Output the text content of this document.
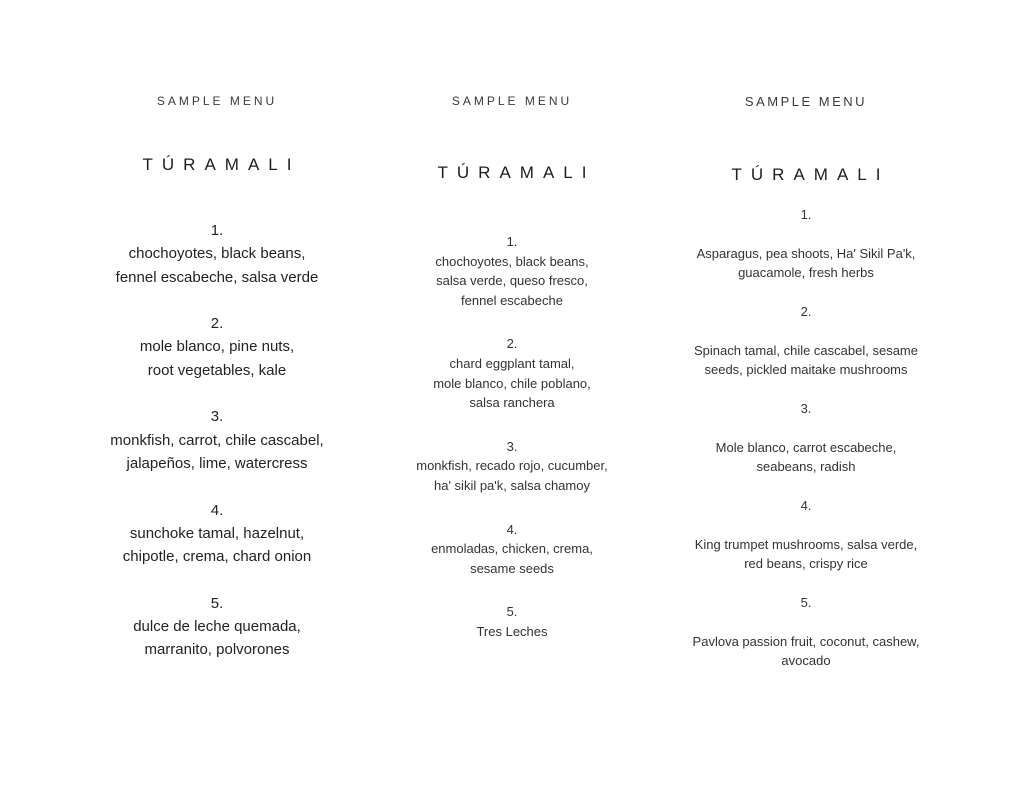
SAMPLE MENU
TÚRAMALI
1.
chochoyotes, black beans,
fennel escabeche, salsa verde
2.
mole blanco, pine nuts,
root vegetables, kale
3.
monkfish, carrot, chile cascabel,
jalapeños, lime, watercress
4.
sunchoke tamal, hazelnut,
chipotle, crema, chard onion
5.
dulce de leche quemada,
marranito, polvorones
SAMPLE MENU
TÚRAMALI
1.
chochoyotes, black beans,
salsa verde, queso fresco,
fennel escabeche
2.
chard eggplant tamal,
mole blanco, chile poblano,
salsa ranchera
3.
monkfish, recado rojo, cucumber,
ha' sikil pa'k, salsa chamoy
4.
enmoladas, chicken, crema,
sesame seeds
5.
Tres Leches
SAMPLE MENU
TÚRAMALI
1.
Asparagus, pea shoots, Ha' Sikil Pa'k,
guacamole, fresh herbs
2.
Spinach tamal, chile cascabel, sesame
seeds, pickled maitake mushrooms
3.
Mole blanco, carrot escabeche,
seabeans, radish
4.
King trumpet mushrooms, salsa verde,
red beans, crispy rice
5.
Pavlova passion fruit, coconut, cashew,
avocado
